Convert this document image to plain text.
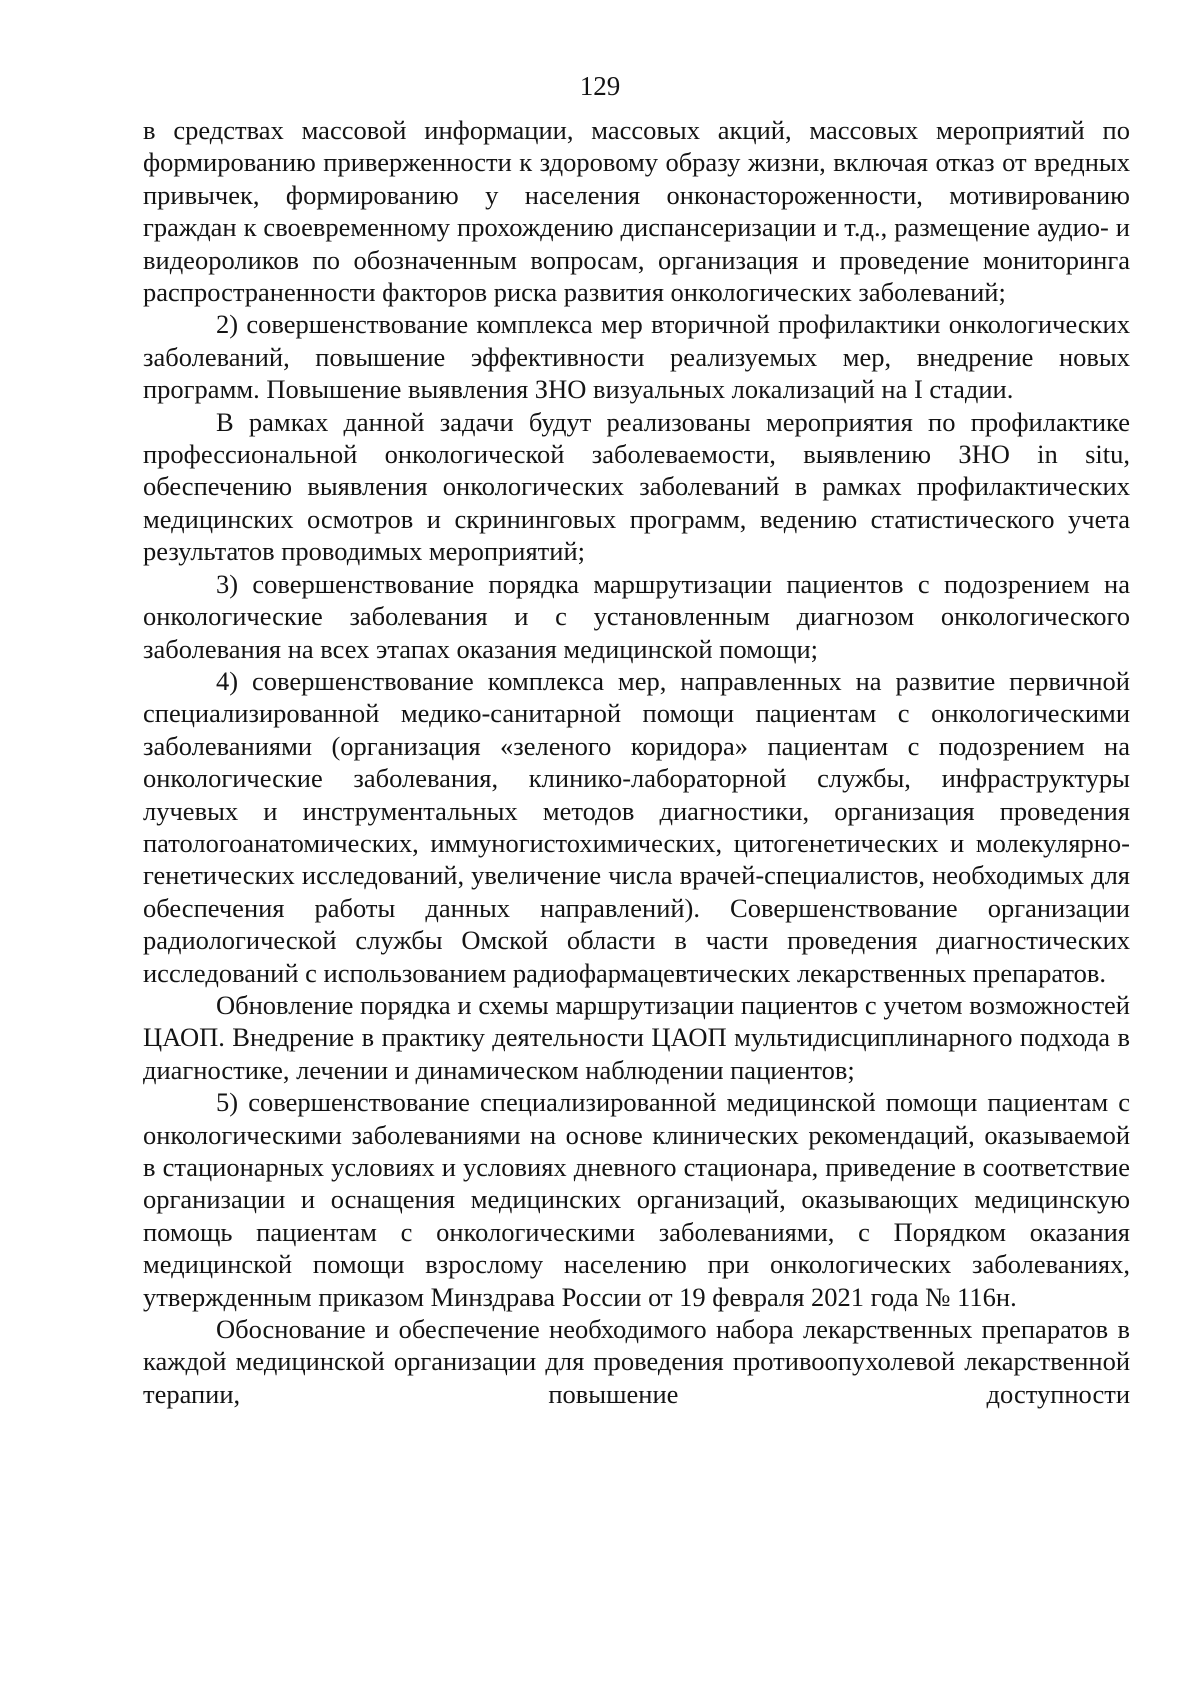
129

в средствах массовой информации, массовых акций, массовых мероприятий по формированию приверженности к здоровому образу жизни, включая отказ от вредных привычек, формированию у населения онконастороженности, мотивированию граждан к своевременному прохождению диспансеризации и т.д., размещение аудио- и видеороликов по обозначенным вопросам, организация и проведение мониторинга распространенности факторов риска развития онкологических заболеваний;

2) совершенствование комплекса мер вторичной профилактики онкологических заболеваний, повышение эффективности реализуемых мер, внедрение новых программ. Повышение выявления ЗНО визуальных локализаций на I стадии.

В рамках данной задачи будут реализованы мероприятия по профилактике профессиональной онкологической заболеваемости, выявлению ЗНО in situ, обеспечению выявления онкологических заболеваний в рамках профилактических медицинских осмотров и скрининговых программ, ведению статистического учета результатов проводимых мероприятий;

3) совершенствование порядка маршрутизации пациентов с подозрением на онкологические заболевания и с установленным диагнозом онкологического заболевания на всех этапах оказания медицинской помощи;

4) совершенствование комплекса мер, направленных на развитие первичной специализированной медико-санитарной помощи пациентам с онкологическими заболеваниями (организация «зеленого коридора» пациентам с подозрением на онкологические заболевания, клинико-лабораторной службы, инфраструктуры лучевых и инструментальных методов диагностики, организация проведения патологоанатомических, иммуногистохимических, цитогенетических и молекулярно-генетических исследований, увеличение числа врачей-специалистов, необходимых для обеспечения работы данных направлений). Совершенствование организации радиологической службы Омской области в части проведения диагностических исследований с использованием радиофармацевтических лекарственных препаратов.

Обновление порядка и схемы маршрутизации пациентов с учетом возможностей ЦАОП. Внедрение в практику деятельности ЦАОП мультидисциплинарного подхода в диагностике, лечении и динамическом наблюдении пациентов;

5) совершенствование специализированной медицинской помощи пациентам с онкологическими заболеваниями на основе клинических рекомендаций, оказываемой в стационарных условиях и условиях дневного стационара, приведение в соответствие организации и оснащения медицинских организаций, оказывающих медицинскую помощь пациентам с онкологическими заболеваниями, с Порядком оказания медицинской помощи взрослому населению при онкологических заболеваниях, утвержденным приказом Минздрава России от 19 февраля 2021 года № 116н.

Обоснование и обеспечение необходимого набора лекарственных препаратов в каждой медицинской организации для проведения противоопухолевой лекарственной терапии, повышение доступности
